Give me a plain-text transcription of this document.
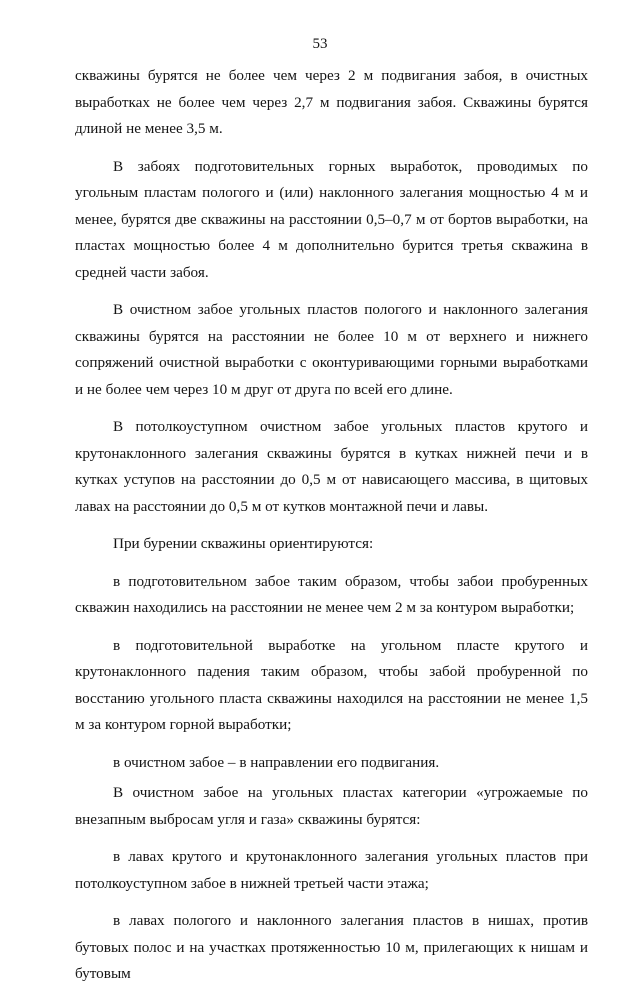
53

скважины бурятся не более чем через 2 м подвигания забоя, в очистных выработках не более чем через 2,7 м подвигания забоя. Скважины бурятся длиной не менее 3,5 м.

В забоях подготовительных горных выработок, проводимых по угольным пластам пологого и (или) наклонного залегания мощностью 4 м и менее, бурятся две скважины на расстоянии 0,5–0,7 м от бортов выработки, на пластах мощностью более 4 м дополнительно бурится третья скважина в средней части забоя.

В очистном забое угольных пластов пологого и наклонного залегания скважины бурятся на расстоянии не более 10 м от верхнего и нижнего сопряжений очистной выработки с оконтуривающими горными выработками и не более чем через 10 м друг от друга по всей его длине.

В потолкоуступном очистном забое угольных пластов крутого и крутонаклонного залегания скважины бурятся в кутках нижней печи и в кутках уступов на расстоянии до 0,5 м от нависающего массива, в щитовых лавах на расстоянии до 0,5 м от кутков монтажной печи и лавы.

При бурении скважины ориентируются:

в подготовительном забое таким образом, чтобы забои пробуренных скважин находились на расстоянии не менее чем 2 м за контуром выработки;

в подготовительной выработке на угольном пласте крутого и крутонаклонного падения таким образом, чтобы забой пробуренной по восстанию угольного пласта скважины находился на расстоянии не менее 1,5 м за контуром горной выработки;

в очистном забое – в направлении его подвигания.

В очистном забое на угольных пластах категории «угрожаемые по внезапным выбросам угля и газа» скважины бурятся:

в лавах крутого и крутонаклонного залегания угольных пластов при потолкоуступном забое в нижней третьей части этажа;

в лавах пологого и наклонного залегания пластов в нишах, против бутовых полос и на участках протяженностью 10 м, прилегающих к нишам и бутовым
